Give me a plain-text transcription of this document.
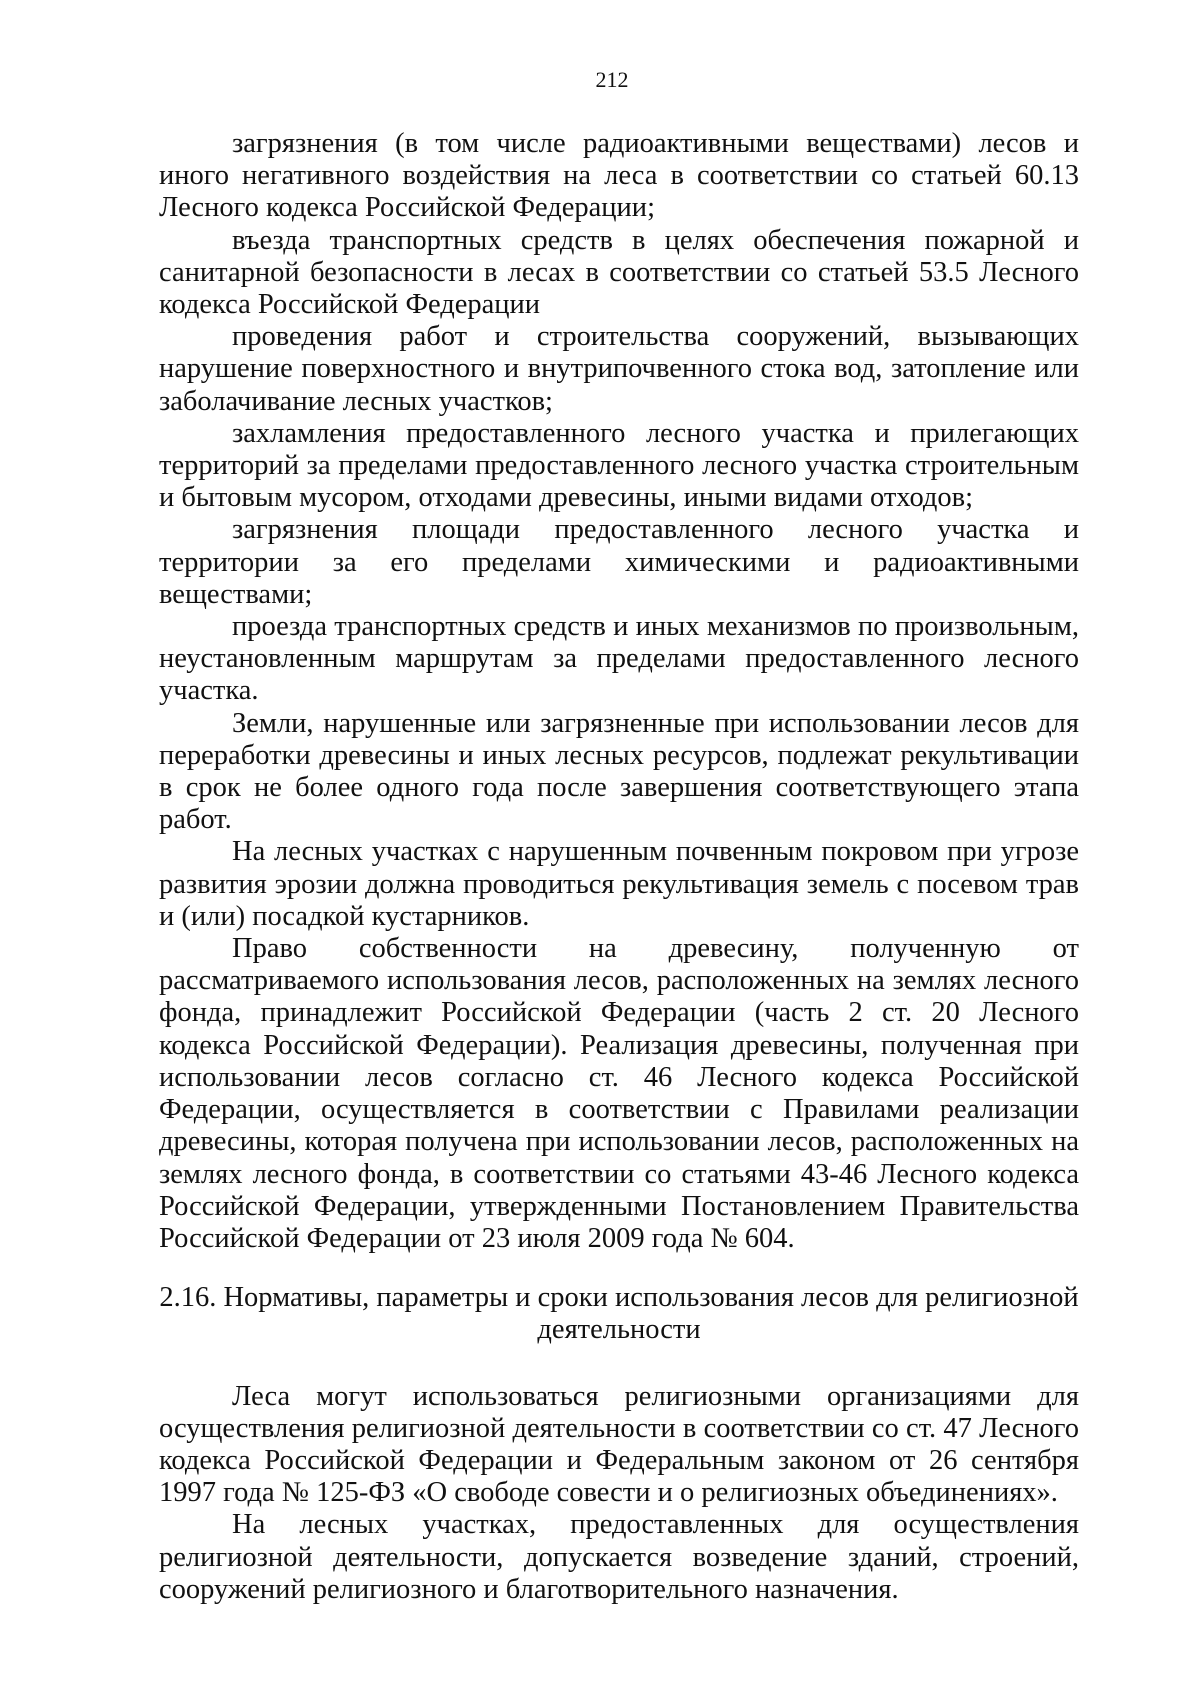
212

загрязнения (в том числе радиоактивными веществами) лесов и иного негативного воздействия на леса в соответствии со статьей 60.13 Лесного кодекса Российской Федерации;

въезда транспортных средств в целях обеспечения пожарной и санитарной безопасности в лесах в соответствии со статьей 53.5 Лесного кодекса Российской Федерации

проведения работ и строительства сооружений, вызывающих нарушение поверхностного и внутрипочвенного стока вод, затопление или заболачивание лесных участков;

захламления предоставленного лесного участка и прилегающих территорий за пределами предоставленного лесного участка строительным и бытовым мусором, отходами древесины, иными видами отходов;

загрязнения площади предоставленного лесного участка и территории за его пределами химическими и радиоактивными веществами;

проезда транспортных средств и иных механизмов по произвольным, неустановленным маршрутам за пределами предоставленного лесного участка.

Земли, нарушенные или загрязненные при использовании лесов для переработки древесины и иных лесных ресурсов, подлежат рекультивации в срок не более одного года после завершения соответствующего этапа работ.

На лесных участках с нарушенным почвенным покровом при угрозе развития эрозии должна проводиться рекультивация земель с посевом трав и (или) посадкой кустарников.

Право собственности на древесину, полученную от рассматриваемого использования лесов, расположенных на землях лесного фонда, принадлежит Российской Федерации (часть 2 ст. 20 Лесного кодекса Российской Федерации). Реализация древесины, полученная при использовании лесов согласно ст. 46 Лесного кодекса Российской Федерации, осуществляется в соответствии с Правилами реализации древесины, которая получена при использовании лесов, расположенных на землях лесного фонда, в соответствии со статьями 43-46 Лесного кодекса Российской Федерации, утвержденными Постановлением Правительства Российской Федерации от 23 июля 2009 года № 604.

2.16. Нормативы, параметры и сроки использования лесов для религиозной
деятельности

Леса могут использоваться религиозными организациями для осуществления религиозной деятельности в соответствии со ст. 47 Лесного кодекса Российской Федерации и Федеральным законом от 26 сентября 1997 года № 125-ФЗ «О свободе совести и о религиозных объединениях».

На лесных участках, предоставленных для осуществления религиозной деятельности, допускается возведение зданий, строений, сооружений религиозного и благотворительного назначения.
